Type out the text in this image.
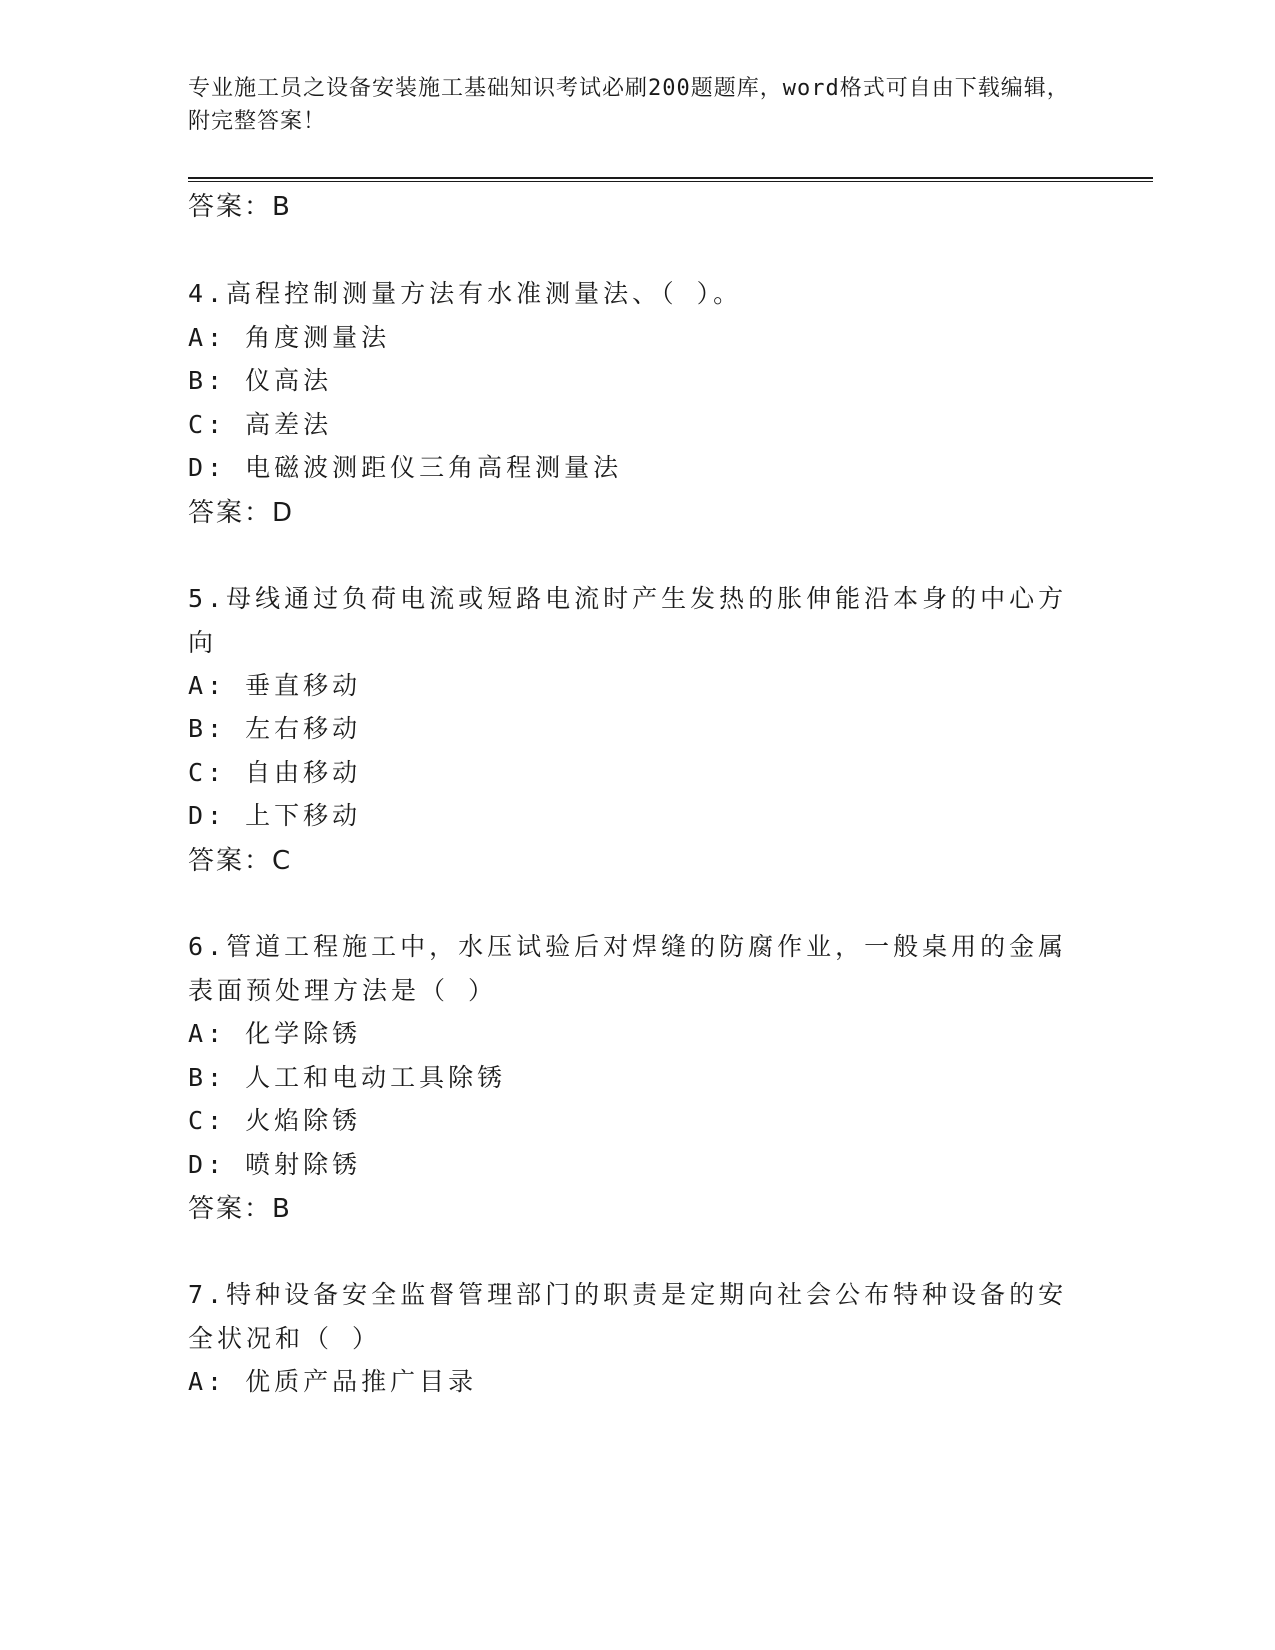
专业施工员之设备安装施工基础知识考试必刷200题题库，word格式可自由下载编辑，附完整答案！
答案：B
4.高程控制测量方法有水准测量法、（ ）。
A: 角度测量法
B: 仪高法
C: 高差法
D: 电磁波测距仪三角高程测量法
答案：D
5.母线通过负荷电流或短路电流时产生发热的胀伸能沿本身的中心方
向
A: 垂直移动
B: 左右移动
C: 自由移动
D: 上下移动
答案：C
6.管道工程施工中，水压试验后对焊缝的防腐作业，一般桌用的金属
表面预处理方法是（ ）
A: 化学除锈
B: 人工和电动工具除锈
C: 火焰除锈
D: 喷射除锈
答案：B
7.特种设备安全监督管理部门的职责是定期向社会公布特种设备的安
全状况和（ ）
A: 优质产品推广目录
